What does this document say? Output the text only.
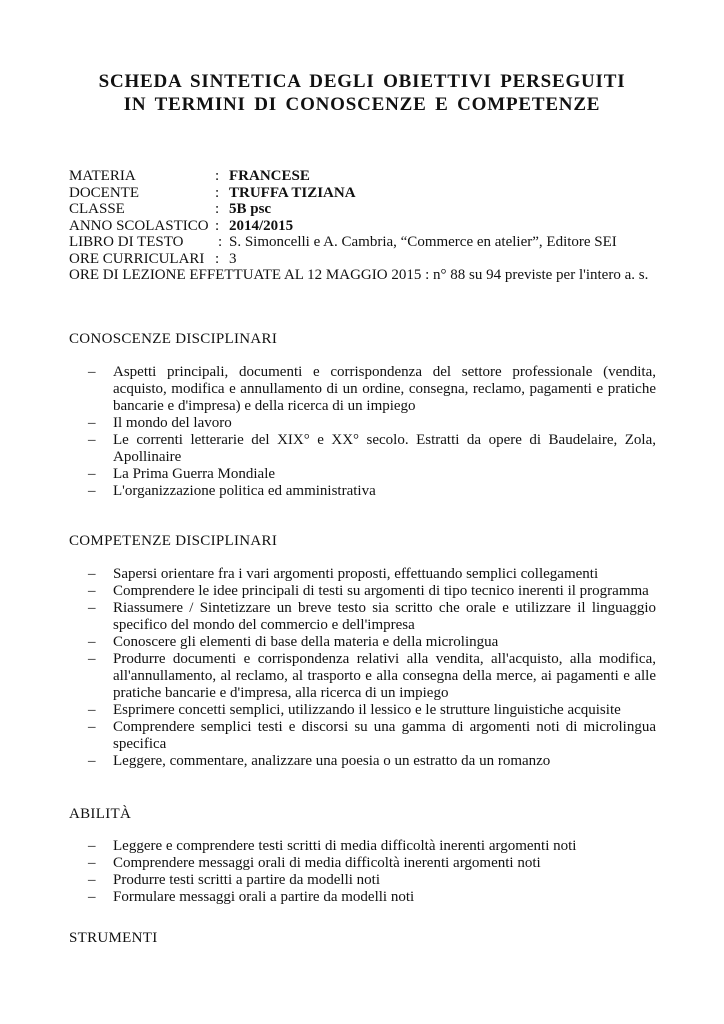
SCHEDA SINTETICA DEGLI OBIETTIVI PERSEGUITI
IN TERMINI DI CONOSCENZE E COMPETENZE
MATERIA	: FRANCESE
DOCENTE	: TRUFFA TIZIANA
CLASSE	: 5B psc
ANNO SCOLASTICO : 2014/2015
LIBRO DI TESTO : S. Simoncelli e A. Cambria, “Commerce en atelier”, Editore SEI
ORE CURRICULARI : 3
ORE DI LEZIONE EFFETTUATE AL 12 MAGGIO 2015 : n° 88 su 94 previste per l'intero a. s.
CONOSCENZE DISCIPLINARI
– Aspetti principali, documenti e corrispondenza del settore professionale (vendita, acquisto, modifica e annullamento di un ordine, consegna, reclamo, pagamenti e pratiche bancarie e d'impresa) e della ricerca di un impiego
– Il mondo del lavoro
– Le correnti letterarie del XIX° e XX° secolo. Estratti da opere di Baudelaire, Zola, Apollinaire
– La Prima Guerra Mondiale
– L'organizzazione politica ed amministrativa
COMPETENZE DISCIPLINARI
– Sapersi orientare fra i vari argomenti proposti, effettuando semplici collegamenti
– Comprendere le idee principali di testi su argomenti di tipo tecnico inerenti il programma
– Riassumere / Sintetizzare un breve testo sia scritto che orale e utilizzare il linguaggio specifico del mondo del commercio e dell'impresa
– Conoscere gli elementi di base della materia e della microlingua
– Produrre documenti e corrispondenza relativi alla vendita, all'acquisto, alla modifica, all'annullamento, al reclamo, al trasporto e alla consegna della merce, ai pagamenti e alle pratiche bancarie e d'impresa, alla ricerca di un impiego
– Esprimere concetti semplici, utilizzando il lessico e le strutture linguistiche acquisite
– Comprendere semplici testi e discorsi su una gamma di argomenti noti di microlingua specifica
– Leggere, commentare, analizzare una poesia o un estratto da un romanzo
ABILITÀ
– Leggere e comprendere testi scritti di media difficoltà inerenti argomenti noti
– Comprendere messaggi orali di media difficoltà inerenti argomenti noti
– Produrre testi scritti a partire da modelli noti
– Formulare messaggi orali a partire da modelli noti
STRUMENTI
